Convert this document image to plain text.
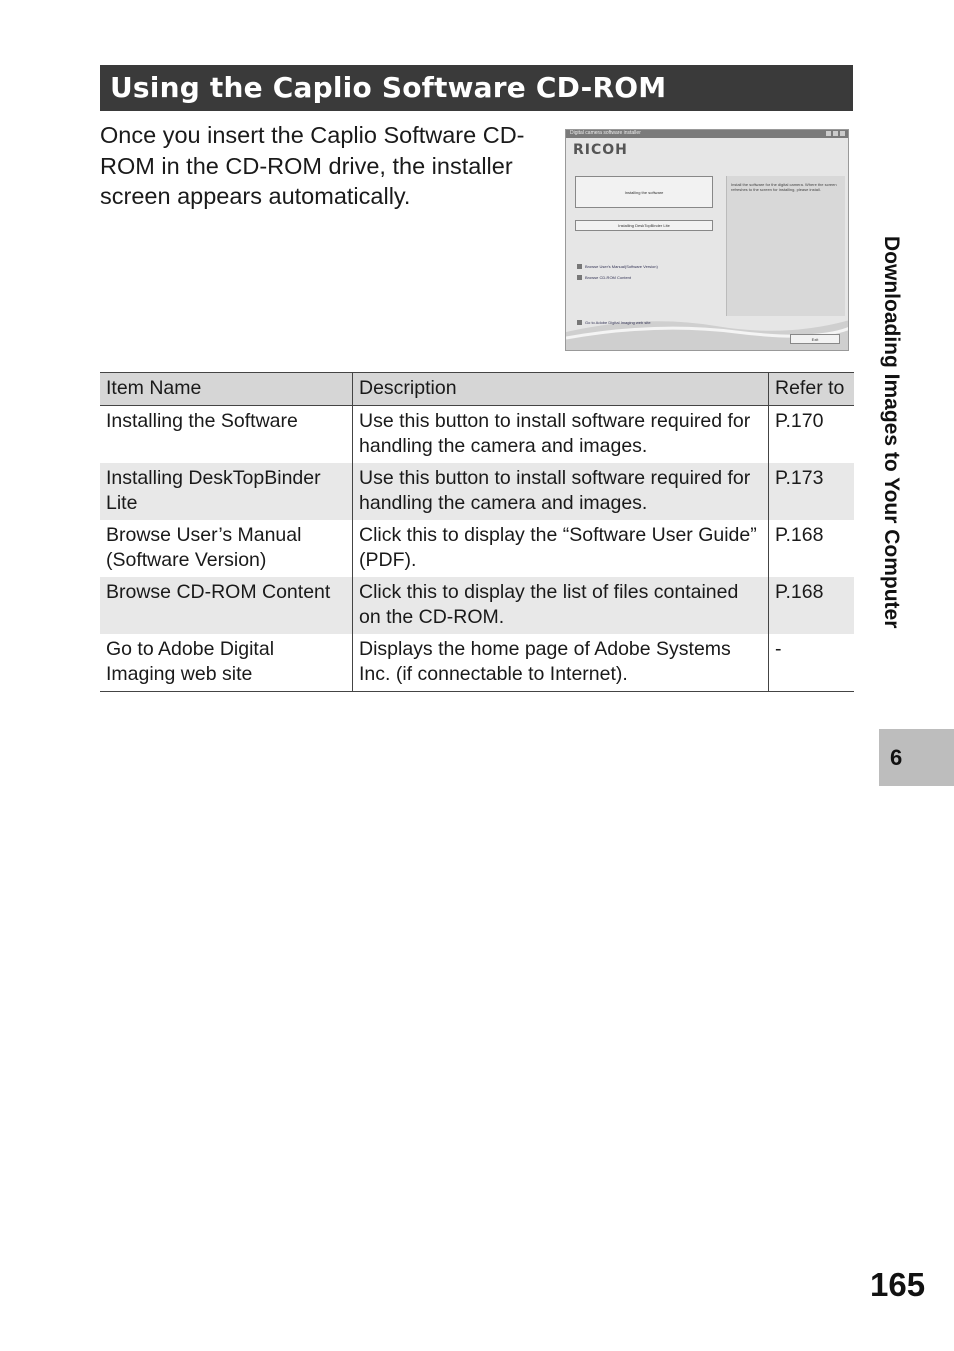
Using the Caplio Software CD-ROM
Once you insert the Caplio Software CD-ROM in the CD-ROM drive, the installer screen appears automatically.
Digital camera software installer
RICOH
Installing the software
Installing DeskTopBinder Lite
Browse User's Manual(Software Version)
Browse CD-ROM Content
Install the software for the digital camera. Where the screen refreshes to the screen for installing, please install.
Go to Adobe Digital Imaging web site
Exit
Item Name	Description	Refer to
Installing the Software	Use this button to install software required for handling the camera and images.	P.170
Installing DeskTopBinder Lite	Use this button to install software required for handling the camera and images.	P.173
Browse User’s Manual (Software Version)	Click this to display the “Software User Guide” (PDF).	P.168
Browse CD-ROM Content	Click this to display the list of files contained on the CD-ROM.	P.168
Go to Adobe Digital Imaging web site	Displays the home page of Adobe Systems Inc. (if connectable to Internet).	-
Downloading Images to Your Computer
6
165
